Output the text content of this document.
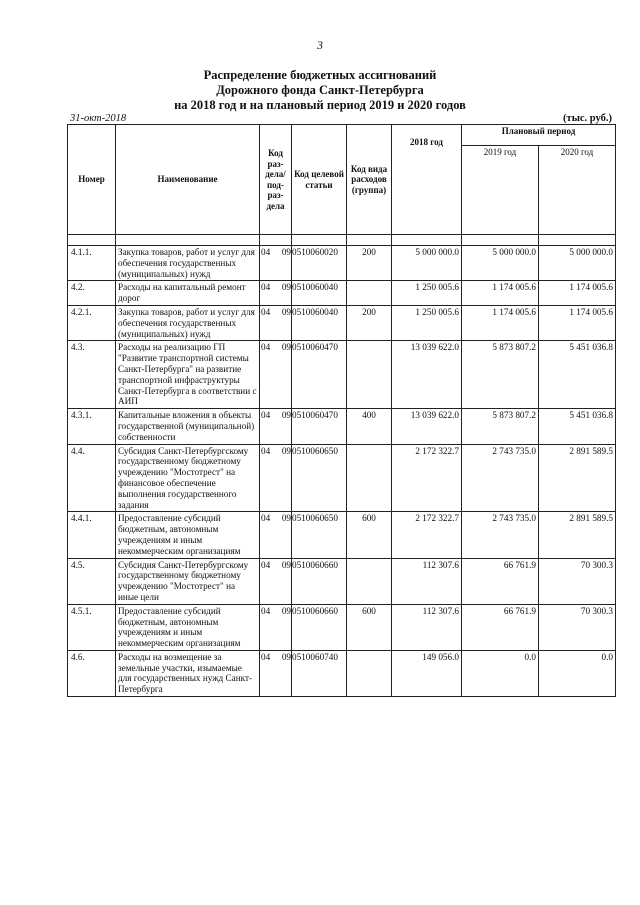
3
Распределение бюджетных ассигнований
Дорожного фонда Санкт-Петербурга
на 2018 год и на плановый период 2019 и 2020 годов
31-окт-2018	(тыс. руб.)
Номер	Наименование	Код раз-дела/ под-раз-дела	Код целевой статьи	Код вида расходов (группа)	2018 год	Плановый период	
						2019 год	2020 год

4.1.1.	Закупка товаров, работ и услуг для обеспечения государственных (муниципальных) нужд	04 09	0510060020	200	5 000 000.0	5 000 000.0	5 000 000.0
4.2.	Расходы на капитальный ремонт дорог	04 09	0510060040		1 250 005.6	1 174 005.6	1 174 005.6
4.2.1.	Закупка товаров, работ и услуг для обеспечения государственных (муниципальных) нужд	04 09	0510060040	200	1 250 005.6	1 174 005.6	1 174 005.6
4.3.	Расходы на реализацию ГП "Развитие транспортной системы Санкт-Петербурга" на развитие транспортной инфраструктуры Санкт-Петербурга в соответствии с АИП	04 09	0510060470		13 039 622.0	5 873 807.2	5 451 036.8
4.3.1.	Капитальные вложения в объекты государственной (муниципальной) собственности	04 09	0510060470	400	13 039 622.0	5 873 807.2	5 451 036.8
4.4.	Субсидия Санкт-Петербургскому государственному бюджетному учреждению "Мостотрест" на финансовое обеспечение выполнения государственного задания	04 09	0510060650		2 172 322.7	2 743 735.0	2 891 589.5
4.4.1.	Предоставление субсидий бюджетным, автономным учреждениям и иным некоммерческим организациям	04 09	0510060650	600	2 172 322.7	2 743 735.0	2 891 589.5
4.5.	Субсидия Санкт-Петербургскому государственному бюджетному учреждению "Мостотрест" на иные цели	04 09	0510060660		112 307.6	66 761.9	70 300.3
4.5.1.	Предоставление субсидий бюджетным, автономным учреждениям и иным некоммерческим организациям	04 09	0510060660	600	112 307.6	66 761.9	70 300.3
4.6.	Расходы на возмещение за земельные участки, изымаемые для государственных нужд Санкт-Петербурга	04 09	0510060740		149 056.0	0.0	0.0
